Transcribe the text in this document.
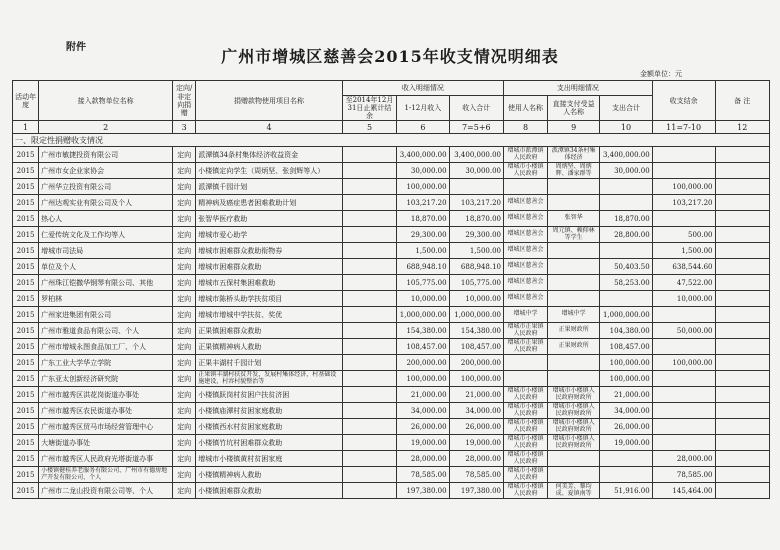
附件	广州市增城区慈善会2015年收支情况明细表
金额单位：元
活动年度	接入款物单位名称	定向/非定向捐赠	捐赠款物使用项目名称	收入明细情况			支出明细情况			收支结余	备 注
				至2014年12月31日止累计结余	1-12月收入	收入合计	使用人名称	直接支付受益人名称	支出合计		
1	2	3	4	5	6	7=5+6	8	9	10	11=7-10	12
一、限定性捐赠收支情况											
2015	广州市敏捷投资有限公司	定向	派潭镇34条村集体经济收益资金		3,400,000.00	3,400,000.00	增城市派潭镇人民政府	派潭镇34条村集体经济	3,400,000.00		
2015	广州市女企业家协会	定向	小楼镇定向学生（周炳坚、张剑辉等人）		30,000.00	30,000.00	增城市小楼镇人民政府	周炳坚、周炳辉、潘家群等	30,000.00		
2015	广州华立投资有限公司	定向	派潭镇千园计划		100,000.00					100,000.00	
2015	广州达观实业有限公司及个人	定向	精神病及癌症患者困难救助计划		103,217.20	103,217.20	增城区慈善会			103,217.20	
2015	热心人	定向	张智华医疗救助		18,870.00	18,870.00	增城区慈善会	张智华	18,870.00		
2015	仁爱传统文化及工作均等人	定向	增城市爱心助学		29,300.00	29,300.00	增城区慈善会	周元镇、赖仰林等学生	28,800.00	500.00	
2015	增城市司法局	定向	增城市困难群众救助衔物券		1,500.00	1,500.00	增城区慈善会			1,500.00	
2015	单位及个人	定向	增城市困难群众救助		688,948.10	688,948.10	增城区慈善会		50,403.50	638,544.60	
2015	广州珠江铠撒华钢琴有限公司、其他	定向	增城市五保村集困难救助		105,775.00	105,775.00	增城区慈善会		58,253.00	47,522.00	
2015	罗柏林	定向	增城市陈桥头助学扶贫项目		10,000.00	10,000.00	增城区慈善会			10,000.00	
2015	广州家进集团有限公司	定向	增城市增城中学扶贫、奖优		1,000,000.00	1,000,000.00	增城中学	增城中学	1,000,000.00		
2015	广州市雅道食品有限公司、个人	定向	正果镇困难群众救助		154,380.00	154,380.00	增城市正果镇人民政府	正果财政所	104,380.00	50,000.00	
2015	广州市增城永图食品加工厂、个人	定向	正果镇精神病人救助		108,457.00	108,457.00	增城市正果镇人民政府	正果财政所	108,457.00		
2015	广东工业大学华立学院	定向	正果丰湖村千园计划		200,000.00	200,000.00			100,000.00	100,000.00	
2015	广东亚太创新经济研究院	定向	正果镇丰湖村扶贫开发，发展村集体经济，村基础设施建设，村容村貌整治等		100,000.00	100,000.00			100,000.00		
2015	广州市越秀区洪花岗街道办事处	定向	小楼镇跃岗村贫困户扶贫济困		21,000.00	21,000.00	增城市小楼镇人民政府	增城市小楼镇人民政府财政所	21,000.00		
2015	广州市越秀区农民街道办事处	定向	小楼镇庙潭村贫困家庭救助		34,000.00	34,000.00	增城市小楼镇人民政府	增城市小楼镇人民政府财政所	34,000.00		
2015	广州市越秀区贸马市场经营管理中心	定向	小楼镇西水村贫困家庭救助		26,000.00	26,000.00	增城市小楼镇人民政府	增城市小楼镇人民政府财政所	26,000.00		
2015	大塘街道办事处	定向	小楼镇竹坑村困难群众救助		19,000.00	19,000.00	增城市小楼镇人民政府	增城市小楼镇人民政府财政所	19,000.00		
2015	广州市越秀区人民政府光塔街道办事	定向	增城市小楼镇黄村贫困家庭		28,000.00	28,000.00	增城市小楼镇人民政府			28,000.00	
2015	小楼镇健桂养老服务有限公司、广州市有德房地产开发有限公司、个人	定向	小楼镇精神病人救助		78,585.00	78,585.00	增城市小楼镇人民政府			78,585.00	
2015	广州市二龙山投资有限公司等、个人	定向	小楼镇困难群众救助		197,380.00	197,380.00	增城市小楼镇人民政府	何美芳、黎均成、夏镇南等	51,916.00	145,464.00	
